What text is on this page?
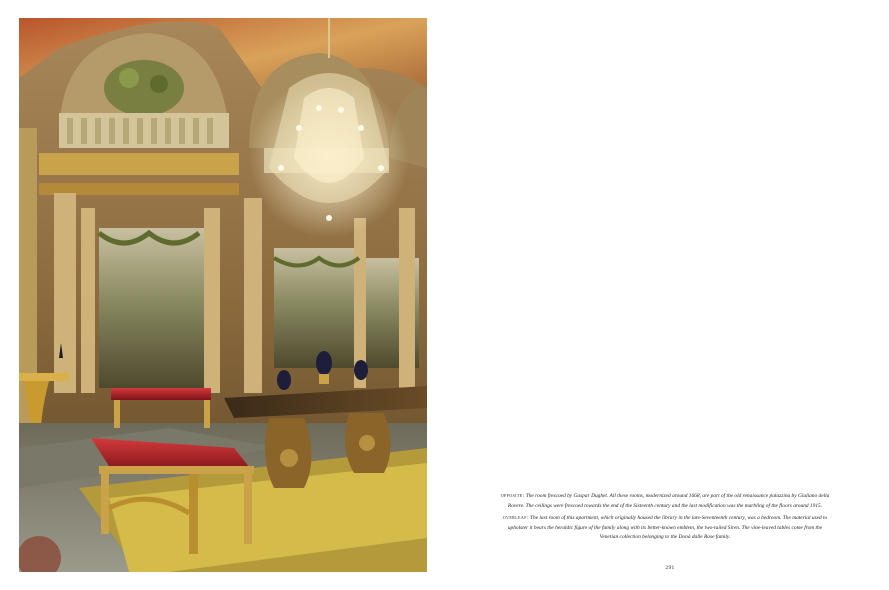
opposite: The room frescoed by Gaspar Dughet. All these rooms, modernized around 1668, are part of the old renaissance palazzina by Giuliano della Rovere. The ceilings were frescoed towards the end of the Sixteenth century and the last modification was the marbling of the floors around 1915.

overleaf: The last room of this apartment, which originally housed the library in the late-Seventeenth century, was a bedroom. The material used to upholster it bears the heraldic figure of the family along with its better-known emblem, the two-tailed Siren. The vine-leaved tables come from the Venetian collection belonging to the Donà dalle Rose family.

291
